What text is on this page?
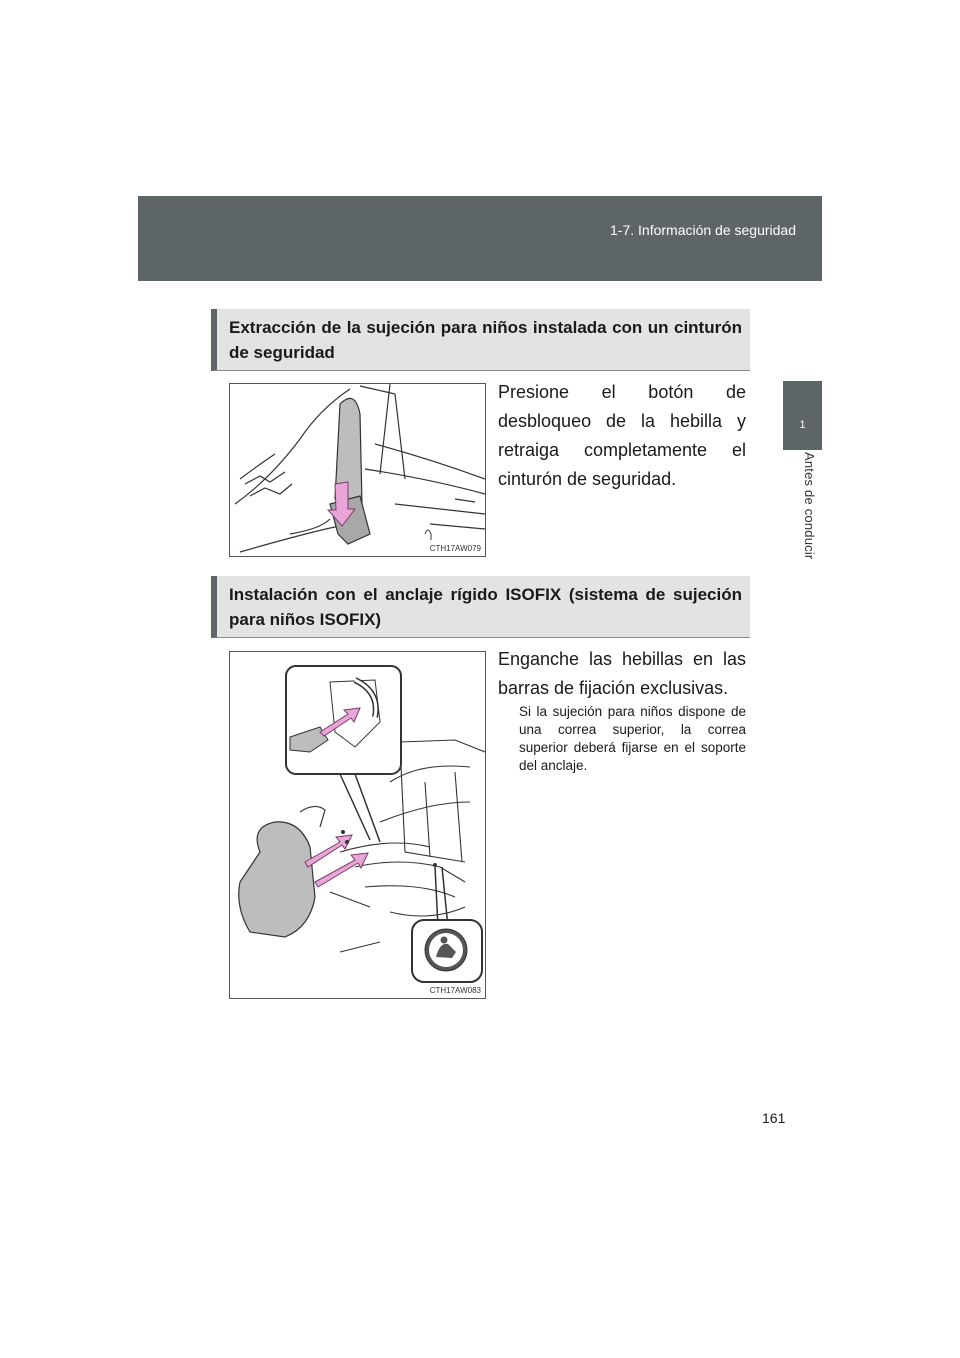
1-7. Información de seguridad
1
Antes de conducir
Extracción de la sujeción para niños instalada con un cinturón de seguridad
CTH17AW079
Presione el botón de desbloqueo de la hebilla y retraiga completamente el cinturón de seguridad.
Instalación con el anclaje rígido ISOFIX (sistema de sujeción para niños ISOFIX)
CTH17AW083
Enganche las hebillas en las barras de fijación exclusivas.
Si la sujeción para niños dispone de una correa superior, la correa superior deberá fijarse en el soporte del anclaje.
161
